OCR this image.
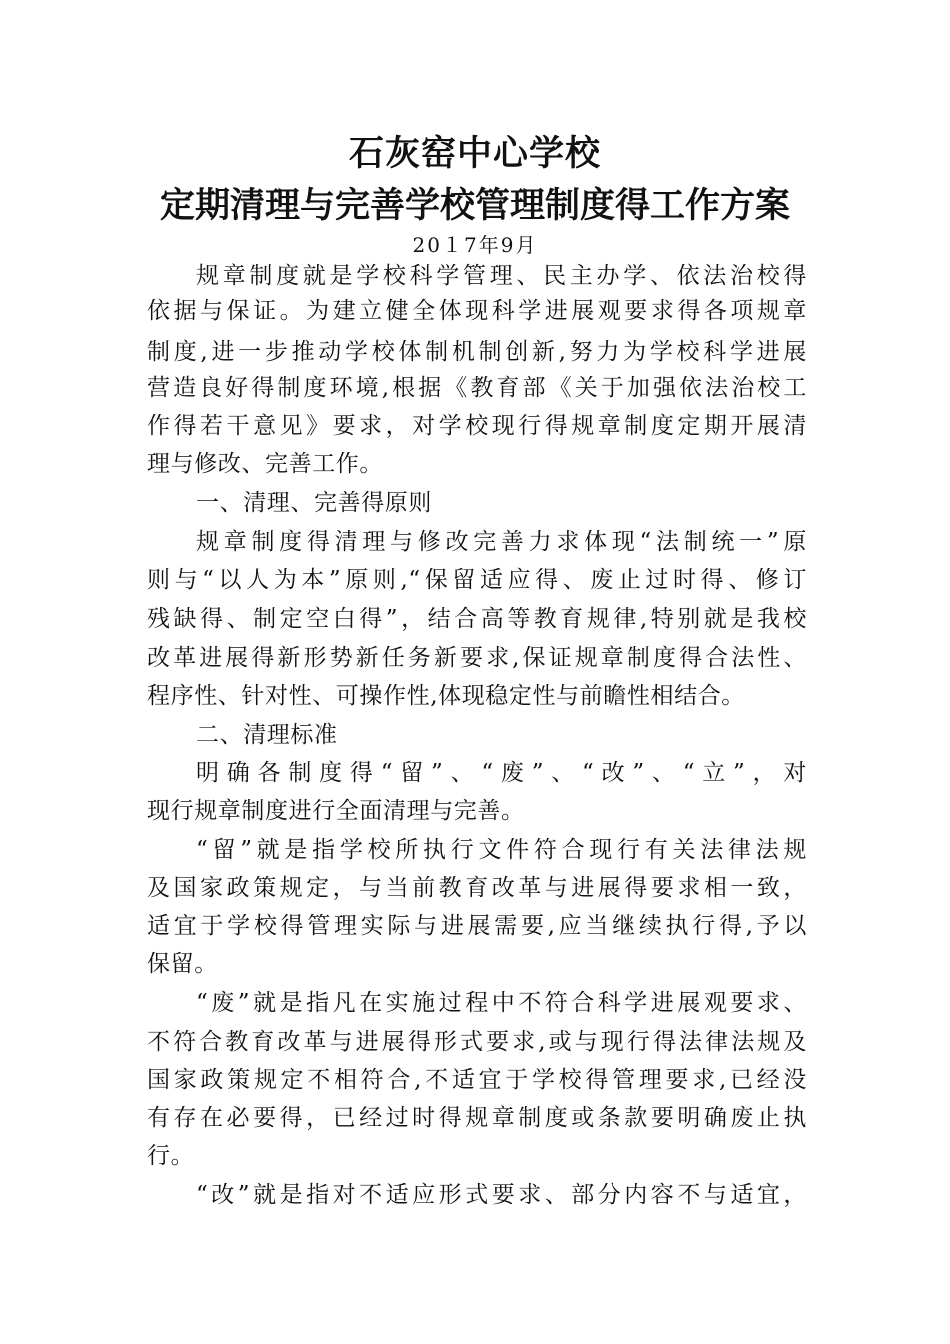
石灰窑中心学校
定期清理与完善学校管理制度得工作方案
20１7年9月
规章制度就是学校科学管理、民主办学、依法治校得
依据与保证。为建立健全体现科学进展观要求得各项规章
制度,进一步推动学校体制机制创新,努力为学校科学进展
营造良好得制度环境,根据《教育部《关于加强依法治校工
作得若干意见》要求，对学校现行得规章制度定期开展清
理与修改、完善工作。
一、清理、完善得原则
规章制度得清理与修改完善力求体现“法制统一”原
则与“以人为本”原则,“保留适应得、废止过时得、修订
残缺得、制定空白得”，结合高等教育规律,特别就是我校
改革进展得新形势新任务新要求,保证规章制度得合法性、
程序性、针对性、可操作性,体现稳定性与前瞻性相结合。
二、清理标准
明确各制度得“留”、“废”、“改”、“立”，对
现行规章制度进行全面清理与完善。
“留”就是指学校所执行文件符合现行有关法律法规
及国家政策规定，与当前教育改革与进展得要求相一致，
适宜于学校得管理实际与进展需要,应当继续执行得,予以
保留。
“废”就是指凡在实施过程中不符合科学进展观要求、
不符合教育改革与进展得形式要求,或与现行得法律法规及
国家政策规定不相符合,不适宜于学校得管理要求,已经没
有存在必要得，已经过时得规章制度或条款要明确废止执
行。
“改”就是指对不适应形式要求、部分内容不与适宜，
